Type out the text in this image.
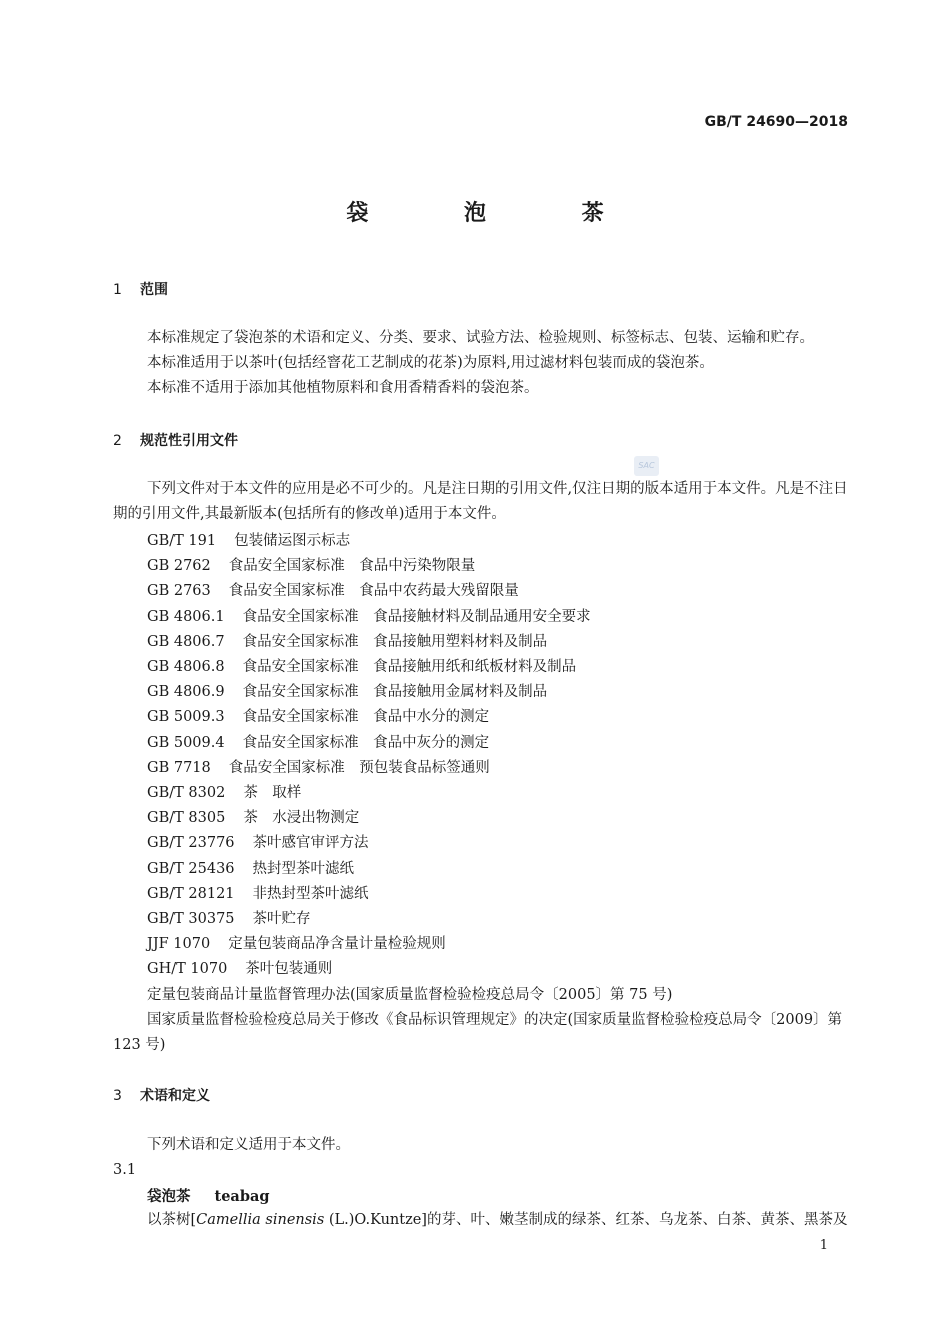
GB/T 24690—2018
袋 泡 茶
1 范围
本标准规定了袋泡茶的术语和定义、分类、要求、试验方法、检验规则、标签标志、包装、运输和贮存。
本标准适用于以茶叶(包括经窨花工艺制成的花茶)为原料,用过滤材料包装而成的袋泡茶。
本标准不适用于添加其他植物原料和食用香精香料的袋泡茶。
2 规范性引用文件
SAC
下列文件对于本文件的应用是必不可少的。凡是注日期的引用文件,仅注日期的版本适用于本文件。凡是不注日期的引用文件,其最新版本(包括所有的修改单)适用于本文件。
GB/T 191 包装储运图示标志
GB 2762 食品安全国家标准　食品中污染物限量
GB 2763 食品安全国家标准　食品中农药最大残留限量
GB 4806.1 食品安全国家标准　食品接触材料及制品通用安全要求
GB 4806.7 食品安全国家标准　食品接触用塑料材料及制品
GB 4806.8 食品安全国家标准　食品接触用纸和纸板材料及制品
GB 4806.9 食品安全国家标准　食品接触用金属材料及制品
GB 5009.3 食品安全国家标准　食品中水分的测定
GB 5009.4 食品安全国家标准　食品中灰分的测定
GB 7718 食品安全国家标准　预包装食品标签通则
GB/T 8302 茶　取样
GB/T 8305 茶　水浸出物测定
GB/T 23776 茶叶感官审评方法
GB/T 25436 热封型茶叶滤纸
GB/T 28121 非热封型茶叶滤纸
GB/T 30375 茶叶贮存
JJF 1070 定量包装商品净含量计量检验规则
GH/T 1070 茶叶包装通则
定量包装商品计量监督管理办法(国家质量监督检验检疫总局令〔2005〕第 75 号)
国家质量监督检验检疫总局关于修改《食品标识管理规定》的决定(国家质量监督检验检疫总局令〔2009〕第 123 号)
3 术语和定义
下列术语和定义适用于本文件。
3.1
袋泡茶 teabag
以茶树[Camellia sinensis (L.)O.Kuntze]的芽、叶、嫩茎制成的绿茶、红茶、乌龙茶、白茶、黄茶、黑茶及
1
